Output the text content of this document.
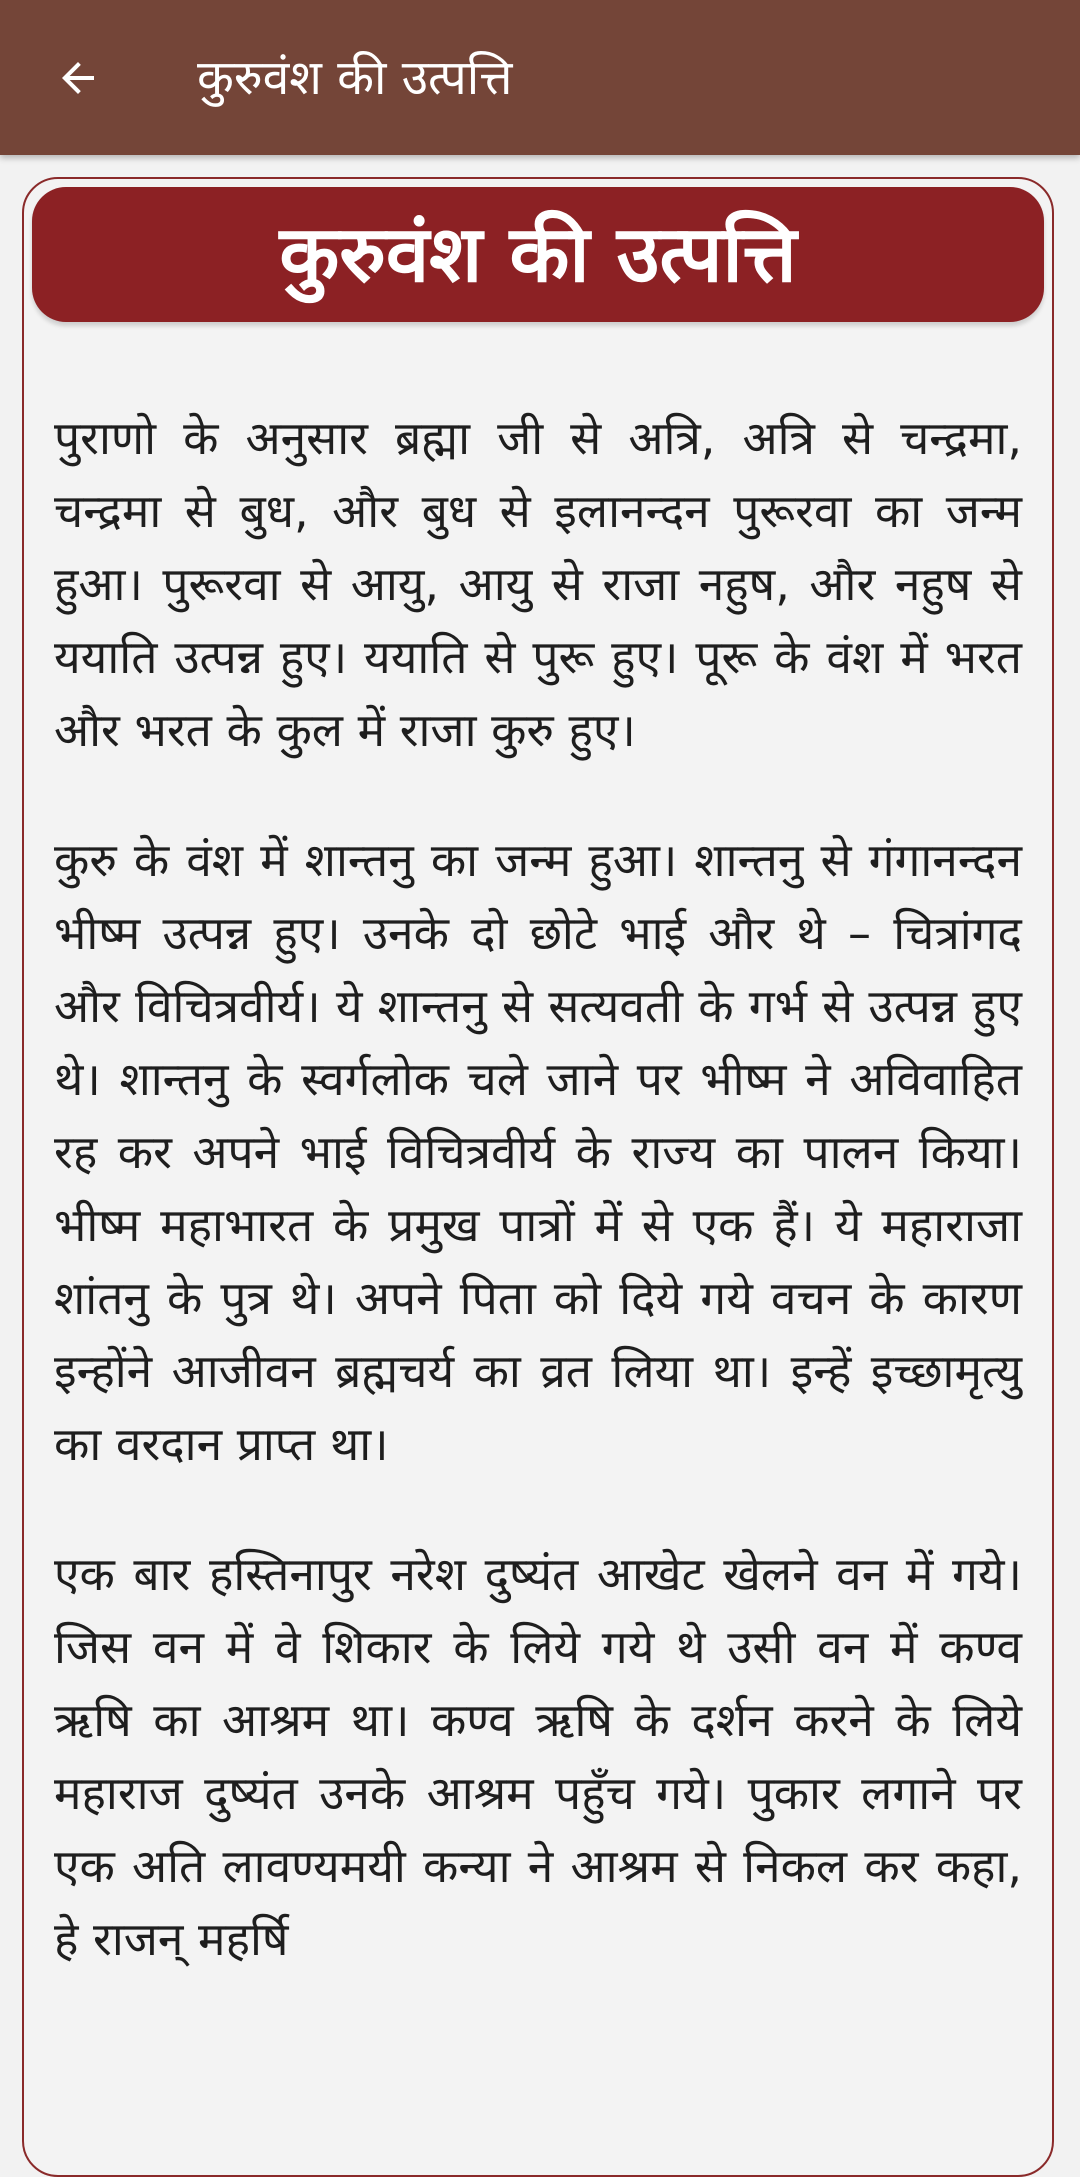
कुरुवंश की उत्पत्ति
कुरुवंश की उत्पत्ति

पुराणो के अनुसार ब्रह्मा जी से अत्रि, अत्रि से चन्द्रमा, चन्द्रमा से बुध, और बुध से इलानन्दन पुरूरवा का जन्म हुआ। पुरूरवा से आयु, आयु से राजा नहुष, और नहुष से ययाति उत्पन्न हुए। ययाति से पुरू हुए। पूरू के वंश में भरत और भरत के कुल में राजा कुरु हुए।

कुरु के वंश में शान्तनु का जन्म हुआ। शान्तनु से गंगानन्दन भीष्म उत्पन्न हुए। उनके दो छोटे भाई और थे – चित्रांगद और विचित्रवीर्य। ये शान्तनु से सत्यवती के गर्भ से उत्पन्न हुए थे। शान्तनु के स्वर्गलोक चले जाने पर भीष्म ने अविवाहित रह कर अपने भाई विचित्रवीर्य के राज्य का पालन किया। भीष्म महाभारत के प्रमुख पात्रों में से एक हैं। ये महाराजा शांतनु के पुत्र थे। अपने पिता को दिये गये वचन के कारण इन्होंने आजीवन ब्रह्मचर्य का व्रत लिया था। इन्हें इच्छामृत्यु का वरदान प्राप्त था।

एक बार हस्तिनापुर नरेश दुष्यंत आखेट खेलने वन में गये। जिस वन में वे शिकार के लिये गये थे उसी वन में कण्व ऋषि का आश्रम था। कण्व ऋषि के दर्शन करने के लिये महाराज दुष्यंत उनके आश्रम पहुँच गये। पुकार लगाने पर एक अति लावण्यमयी कन्या ने आश्रम से निकल कर कहा, हे राजन् महर्षि
